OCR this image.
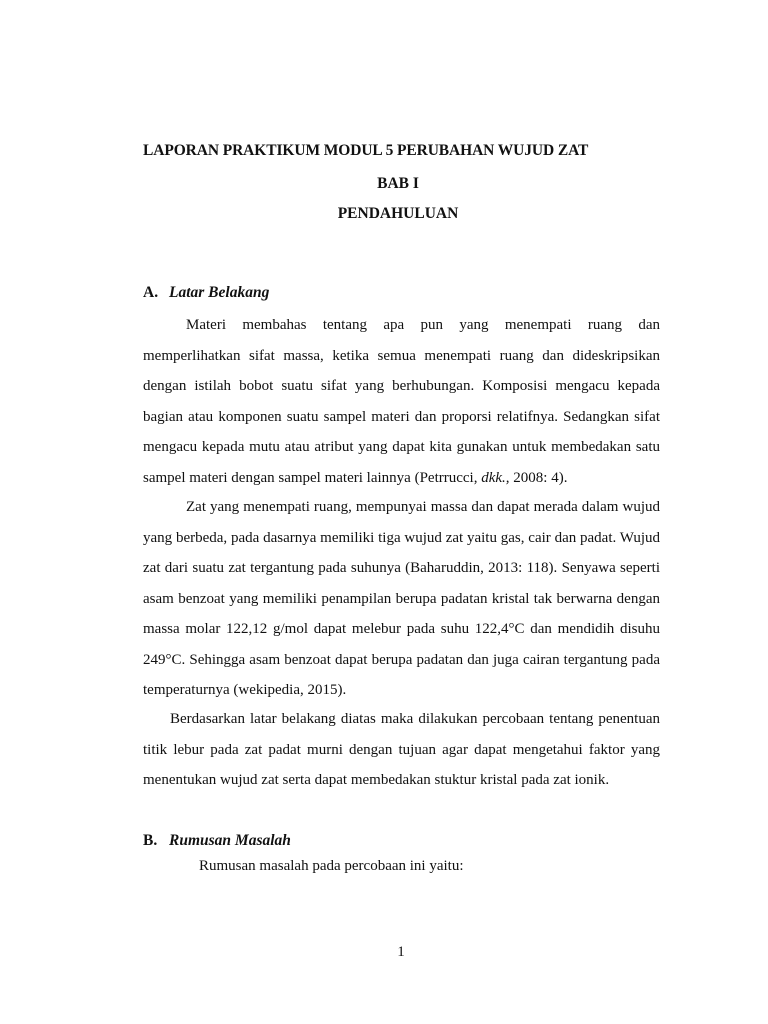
LAPORAN PRAKTIKUM MODUL 5 PERUBAHAN WUJUD ZAT
BAB I
PENDAHULUAN
A. Latar Belakang
Materi membahas tentang apa pun yang menempati ruang dan memperlihatkan sifat massa, ketika semua menempati ruang dan dideskripsikan dengan istilah bobot suatu sifat yang berhubungan. Komposisi mengacu kepada bagian atau komponen suatu sampel materi dan proporsi relatifnya. Sedangkan sifat mengacu kepada mutu atau atribut yang dapat kita gunakan untuk membedakan satu sampel materi dengan sampel materi lainnya (Petrrucci, dkk., 2008: 4).
Zat yang menempati ruang, mempunyai massa dan dapat merada dalam wujud yang berbeda, pada dasarnya memiliki tiga wujud zat yaitu gas, cair dan padat. Wujud zat dari suatu zat tergantung pada suhunya (Baharuddin, 2013: 118). Senyawa seperti asam benzoat yang memiliki penampilan berupa padatan kristal tak berwarna dengan massa molar 122,12 g/mol dapat melebur pada suhu 122,4°C dan mendidih disuhu 249°C. Sehingga asam benzoat dapat berupa padatan dan juga cairan tergantung pada temperaturnya (wekipedia, 2015).
Berdasarkan latar belakang diatas maka dilakukan percobaan tentang penentuan titik lebur pada zat padat murni dengan tujuan agar dapat mengetahui faktor yang menentukan wujud zat serta dapat membedakan stuktur kristal pada zat ionik.
B. Rumusan Masalah
Rumusan masalah pada percobaan ini yaitu:
1
